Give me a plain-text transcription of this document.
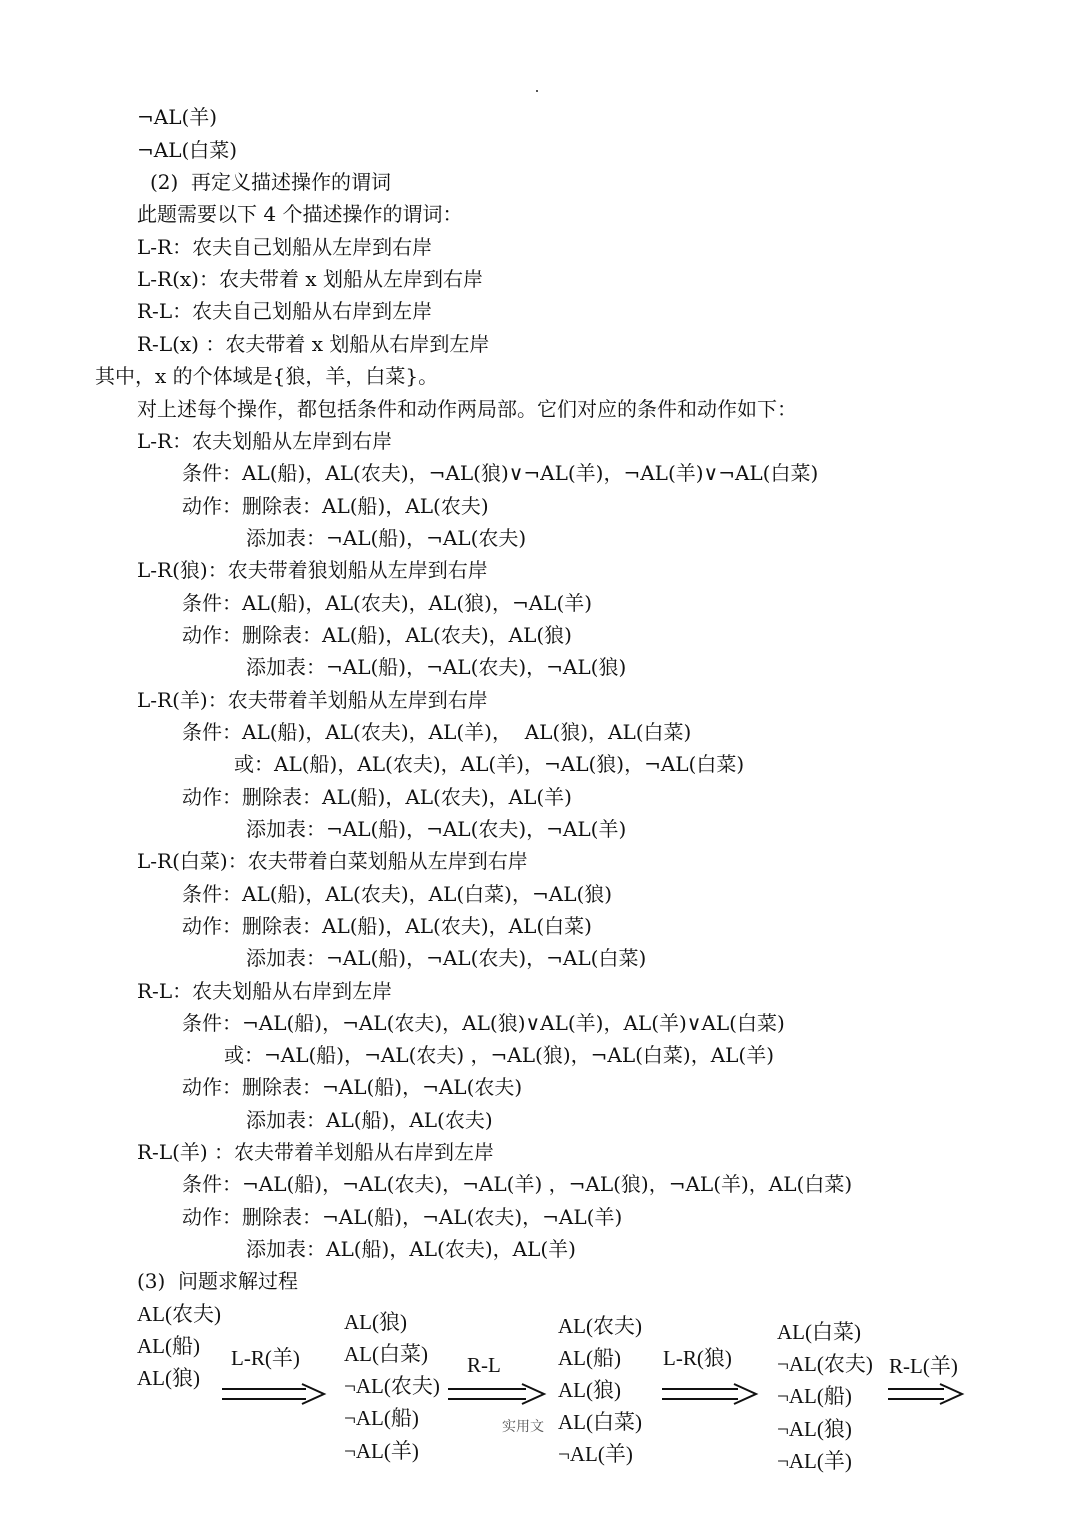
¬AL(羊)
¬AL(白菜)
(2)  再定义描述操作的谓词
此题需要以下 4 个描述操作的谓词：
L-R：农夫自己划船从左岸到右岸
L-R(x)：农夫带着 x 划船从左岸到右岸
R-L：农夫自己划船从右岸到左岸
R-L(x) ：农夫带着 x 划船从右岸到左岸
其中，x 的个体域是{狼，羊，白菜}。
对上述每个操作，都包括条件和动作两局部。它们对应的条件和动作如下：
L-R：农夫划船从左岸到右岸
条件：AL(船)，AL(农夫)，¬AL(狼)∨¬AL(羊)，¬AL(羊)∨¬AL(白菜)
动作：删除表：AL(船)，AL(农夫)
添加表：¬AL(船)，¬AL(农夫)
L-R(狼)：农夫带着狼划船从左岸到右岸
条件：AL(船)，AL(农夫)，AL(狼)，¬AL(羊)
动作：删除表：AL(船)，AL(农夫)，AL(狼)
添加表：¬AL(船)，¬AL(农夫)，¬AL(狼)
L-R(羊)：农夫带着羊划船从左岸到右岸
条件：AL(船)，AL(农夫)，AL(羊)，  AL(狼)，AL(白菜)
或：AL(船)，AL(农夫)，AL(羊)，¬AL(狼)，¬AL(白菜)
动作：删除表：AL(船)，AL(农夫)，AL(羊)
添加表：¬AL(船)，¬AL(农夫)，¬AL(羊)
L-R(白菜)：农夫带着白菜划船从左岸到右岸
条件：AL(船)，AL(农夫)，AL(白菜)，¬AL(狼)
动作：删除表：AL(船)，AL(农夫)，AL(白菜)
添加表：¬AL(船)，¬AL(农夫)，¬AL(白菜)
R-L：农夫划船从右岸到左岸
条件：¬AL(船)，¬AL(农夫)，AL(狼)∨AL(羊)，AL(羊)∨AL(白菜)
或：¬AL(船)，¬AL(农夫) ，¬AL(狼)，¬AL(白菜)，AL(羊)
动作：删除表：¬AL(船)，¬AL(农夫)
添加表：AL(船)，AL(农夫)
R-L(羊) ：农夫带着羊划船从右岸到左岸
条件：¬AL(船)，¬AL(农夫)，¬AL(羊) ，¬AL(狼)，¬AL(羊)，AL(白菜)
动作：删除表：¬AL(船)，¬AL(农夫)，¬AL(羊)
添加表：AL(船)，AL(农夫)，AL(羊)
(3)  问题求解过程
AL(农夫)
AL(船)
AL(狼)
L-R(羊)
AL(狼)
AL(白菜)
¬AL(农夫)
¬AL(船)
¬AL(羊)
R-L
实用文
AL(农夫)
AL(船)
AL(狼)
AL(白菜)
¬AL(羊)
L-R(狼)
AL(白菜)
¬AL(农夫)
¬AL(船)
¬AL(狼)
¬AL(羊)
R-L(羊)
